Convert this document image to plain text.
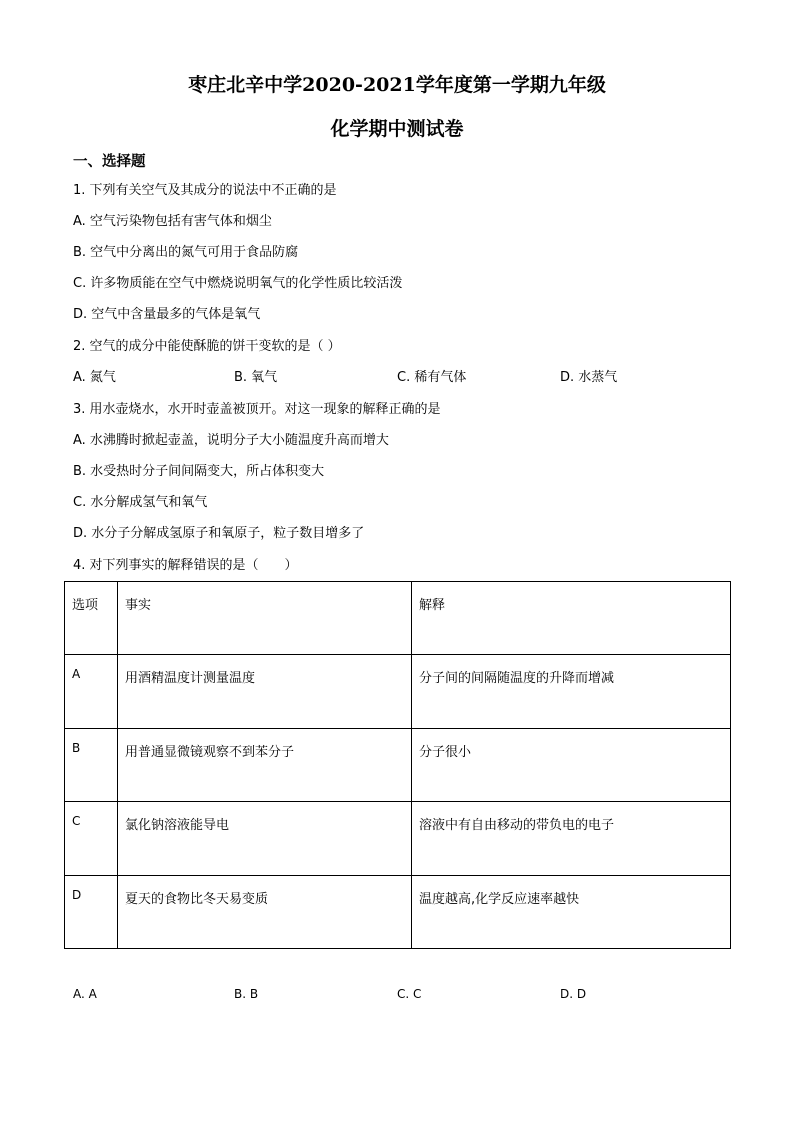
枣庄北辛中学2020-2021学年度第一学期九年级
化学期中测试卷
一、选择题
1. 下列有关空气及其成分的说法中不正确的是
A. 空气污染物包括有害气体和烟尘
B. 空气中分离出的氮气可用于食品防腐
C. 许多物质能在空气中燃烧说明氧气的化学性质比较活泼
D. 空气中含量最多的气体是氧气
2. 空气的成分中能使酥脆的饼干变软的是（ ）
A. 氮气	B. 氧气	C. 稀有气体	D. 水蒸气
3. 用水壶烧水，水开时壶盖被顶开。对这一现象的解释正确的是
A. 水沸腾时掀起壶盖，说明分子大小随温度升高而增大
B. 水受热时分子间间隔变大，所占体积变大
C. 水分解成氢气和氧气
D. 水分子分解成氢原子和氧原子，粒子数目增多了
4. 对下列事实的解释错误的是（　　）
选项	事实	解释
A	用酒精温度计测量温度	分子间的间隔随温度的升降而增减
B	用普通显微镜观察不到苯分子	分子很小
C	氯化钠溶液能导电	溶液中有自由移动的带负电的电子
D	夏天的食物比冬天易变质	温度越高,化学反应速率越快
A. A	B. B	C. C	D. D
